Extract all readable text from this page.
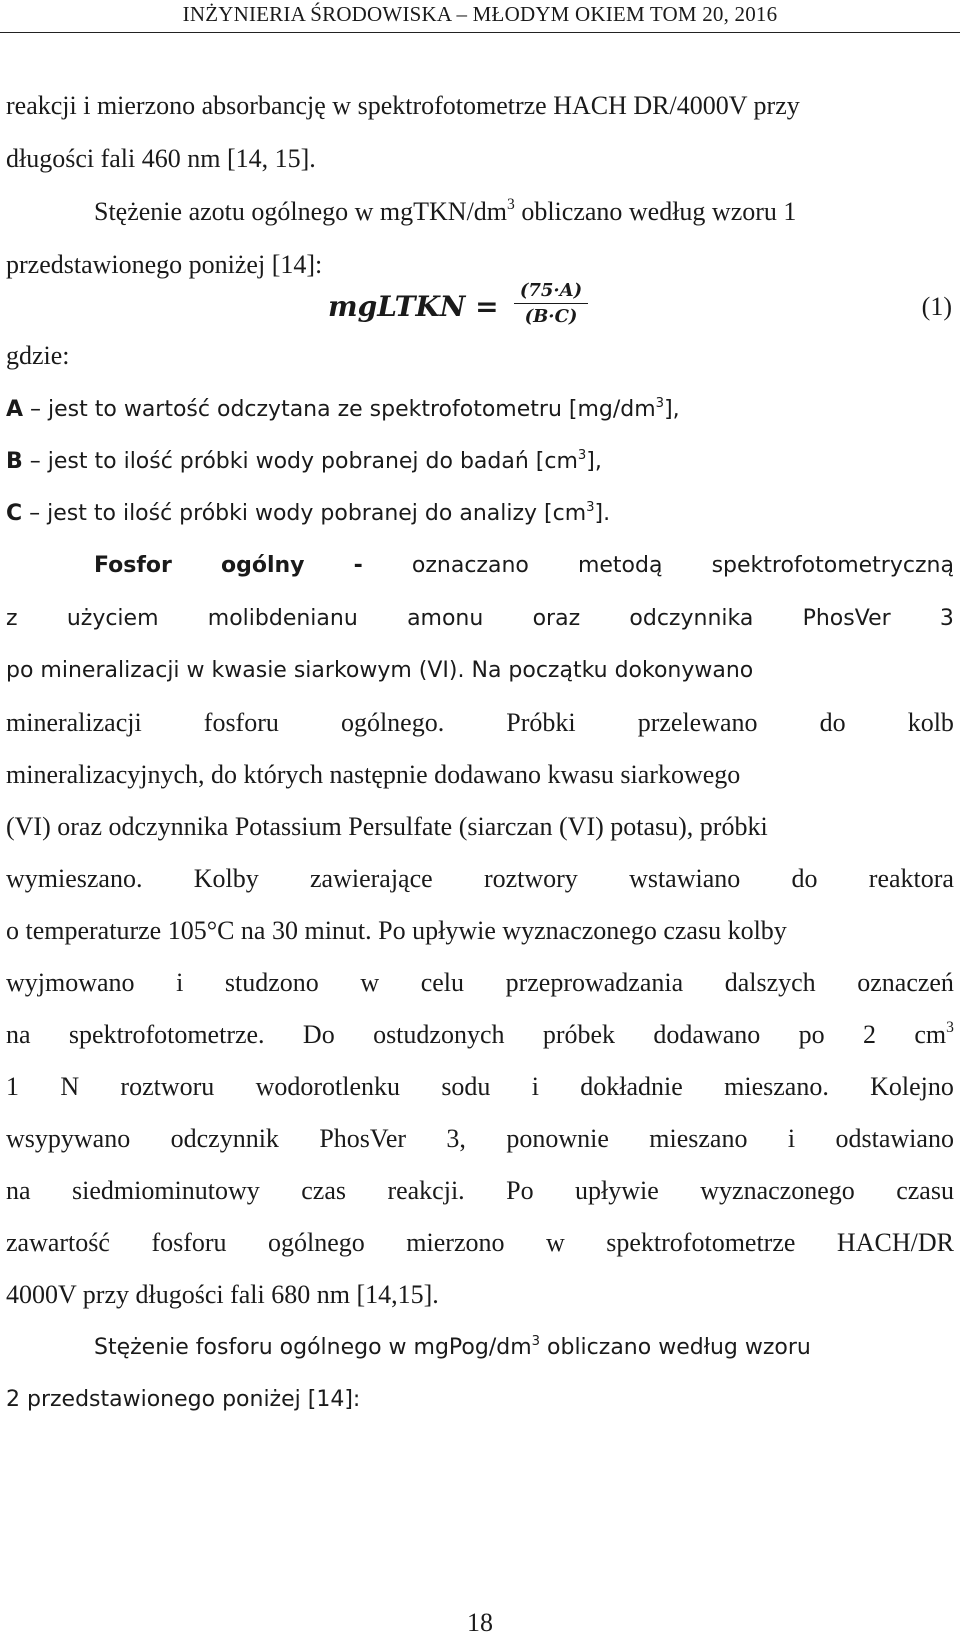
INŻYNIERIA ŚRODOWISKA – MŁODYM OKIEM TOM 20, 2016
reakcji i mierzono absorbancję w spektrofotometrze HACH DR/4000V przy
długości fali 460 nm [14, 15].
Stężenie azotu ogólnego w mgTKN/$dm^3$ obliczano według wzoru 1
przedstawionego poniżej [14]:
mgLTKN = $\frac{(75\cdot A)}{(B\cdot C)}$	(1)
gdzie:
A – jest to wartość odczytana ze spektrofotometru $[mg/dm^3]$,
B – jest to ilość próbki wody pobranej do badań $[cm^3]$,
C – jest to ilość próbki wody pobranej do analizy $[cm^3]$.
Fosfor ogólny - oznaczano metodą spektrofotometryczną
z użyciem molibdenianu amonu oraz odczynnika PhosVer 3
po mineralizacji w kwasie siarkowym (VI). Na początku dokonywano
mineralizacji fosforu ogólnego. Próbki przelewano do kolb
mineralizacyjnych, do których następnie dodawano kwasu siarkowego
(VI) oraz odczynnika Potassium Persulfate (siarczan (VI) potasu), próbki
wymieszano. Kolby zawierające roztwory wstawiano do reaktora
o temperaturze 105°C na 30 minut. Po upływie wyznaczonego czasu kolby
wyjmowano i studzono w celu przeprowadzania dalszych oznaczeń
na spektrofotometrze. Do ostudzonych próbek dodawano po 2 $cm^3$
1 N roztworu wodorotlenku sodu i dokładnie mieszano. Kolejno
wsypywano odczynnik PhosVer 3, ponownie mieszano i odstawiano
na siedmiominutowy czas reakcji. Po upływie wyznaczonego czasu
zawartość fosforu ogólnego mierzono w spektrofotometrze HACH/DR
4000V przy długości fali 680 nm [14,15].
Stężenie fosforu ogólnego w mgPog/$dm^3$ obliczano według wzoru
2 przedstawionego poniżej [14]:
18
